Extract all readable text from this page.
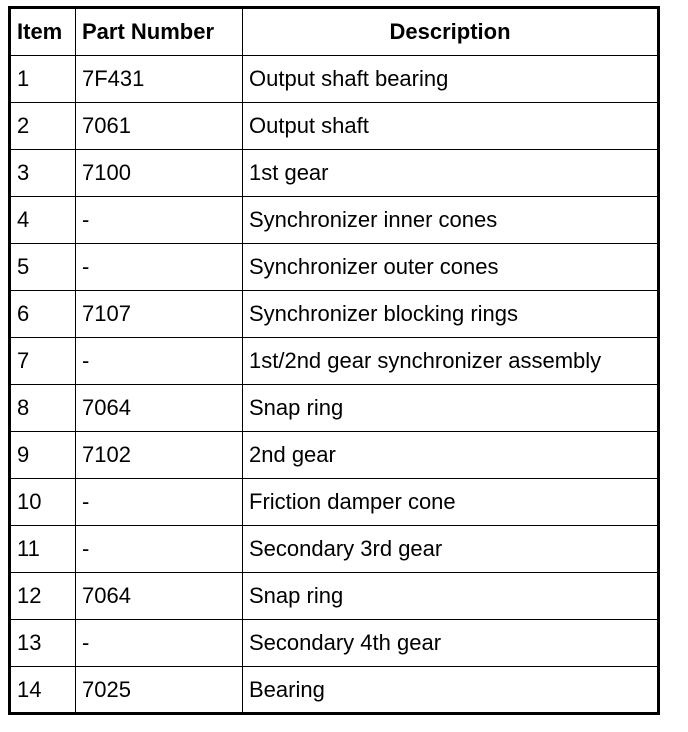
Item	Part Number	Description
1	7F431	Output shaft bearing
2	7061	Output shaft
3	7100	1st gear
4	-	Synchronizer inner cones
5	-	Synchronizer outer cones
6	7107	Synchronizer blocking rings
7	-	1st/2nd gear synchronizer assembly
8	7064	Snap ring
9	7102	2nd gear
10	-	Friction damper cone
11	-	Secondary 3rd gear
12	7064	Snap ring
13	-	Secondary 4th gear
14	7025	Bearing
